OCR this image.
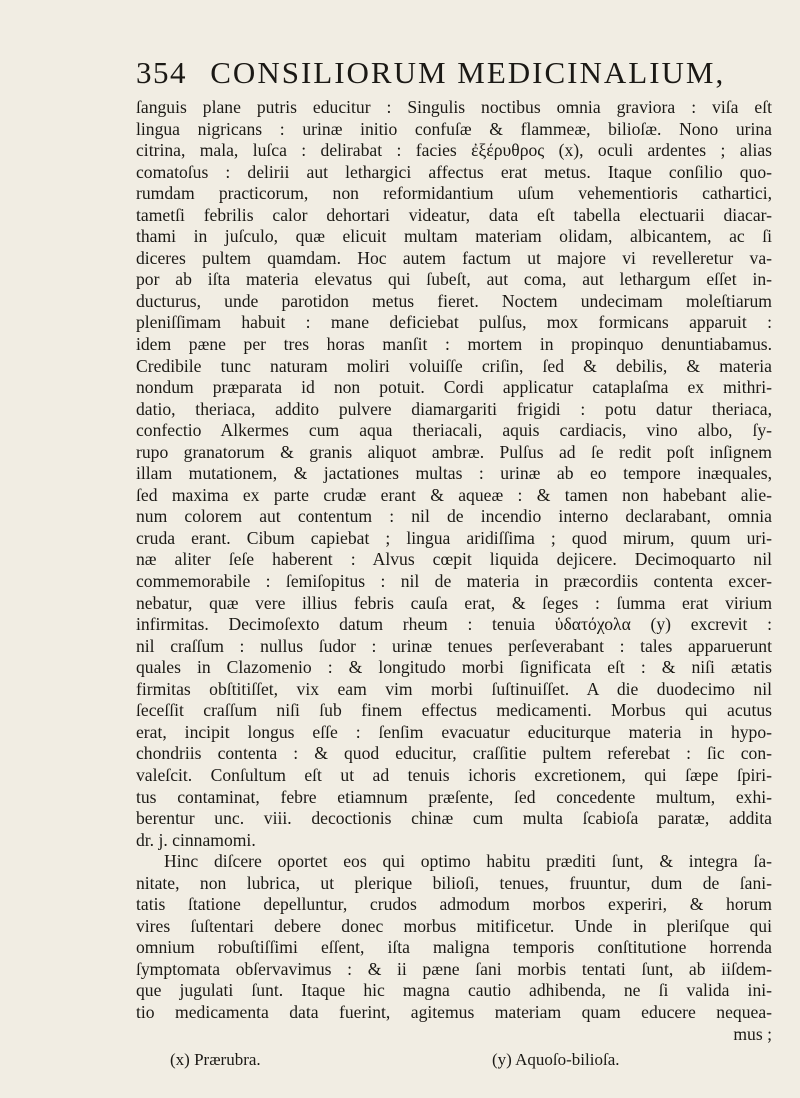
354 CONSILIORUM MEDICINALIUM,
ſanguis plane putris educitur : Singulis noctibus omnia graviora : viſa eſt
lingua nigricans : urinæ initio confuſæ & flammeæ, bilioſæ. Nono urina
citrina, mala, luſca : delirabat : facies ἐξέρυθρος (x), oculi ardentes ; alias
comatoſus : delirii aut lethargici affectus erat metus. Itaque conſilio quo-
rumdam practicorum, non reformidantium uſum vehementioris cathartici,
tametſi febrilis calor dehortari videatur, data eſt tabella electuarii diacar-
thami in juſculo, quæ elicuit multam materiam olidam, albicantem, ac ſi
diceres pultem quamdam. Hoc autem factum ut majore vi revelleretur va-
por ab iſta materia elevatus qui ſubeſt, aut coma, aut lethargum eſſet in-
ducturus, unde parotidon metus fieret. Noctem undecimam moleſtiarum
pleniſſimam habuit : mane deficiebat pulſus, mox formicans apparuit :
idem pæne per tres horas manſit : mortem in propinquo denuntiabamus.
Credibile tunc naturam moliri voluiſſe criſin, ſed & debilis, & materia
nondum præparata id non potuit. Cordi applicatur cataplaſma ex mithri-
datio, theriaca, addito pulvere diamargariti frigidi : potu datur theriaca,
confectio Alkermes cum aqua theriacali, aquis cardiacis, vino albo, ſy-
rupo granatorum & granis aliquot ambræ. Pulſus ad ſe redit poſt inſignem
illam mutationem, & jactationes multas : urinæ ab eo tempore inæquales,
ſed maxima ex parte crudæ erant & aqueæ : & tamen non habebant alie-
num colorem aut contentum : nil de incendio interno declarabant, omnia
cruda erant. Cibum capiebat ; lingua aridiſſima ; quod mirum, quum uri-
næ aliter ſeſe haberent : Alvus cœpit liquida dejicere. Decimoquarto nil
commemorabile : ſemiſopitus : nil de materia in præcordiis contenta excer-
nebatur, quæ vere illius febris cauſa erat, & ſeges : ſumma erat virium
infirmitas. Decimoſexto datum rheum : tenuia ὑδατόχολα (y) excrevit :
nil craſſum : nullus ſudor : urinæ tenues perſeverabant : tales apparuerunt
quales in Clazomenio : & longitudo morbi ſignificata eſt : & niſi ætatis
firmitas obſtitiſſet, vix eam vim morbi ſuſtinuiſſet. A die duodecimo nil
ſeceſſit craſſum niſi ſub finem effectus medicamenti. Morbus qui acutus
erat, incipit longus eſſe : ſenſim evacuatur educiturque materia in hypo-
chondriis contenta : & quod educitur, craſſitie pultem referebat : ſic con-
valeſcit. Conſultum eſt ut ad tenuis ichoris excretionem, qui ſæpe ſpiri-
tus contaminat, febre etiamnum præſente, ſed concedente multum, exhi-
berentur unc. viii. decoctionis chinæ cum multa ſcabioſa paratæ, addita
dr. j. cinnamomi.
Hinc diſcere oportet eos qui optimo habitu præditi ſunt, & integra ſa-
nitate, non lubrica, ut plerique bilioſi, tenues, fruuntur, dum de ſani-
tatis ſtatione depelluntur, crudos admodum morbos experiri, & horum
vires ſuſtentari debere donec morbus mitificetur. Unde in pleriſque qui
omnium robuſtiſſimi eſſent, iſta maligna temporis conſtitutione horrenda
ſymptomata obſervavimus : & ii pæne ſani morbis tentati ſunt, ab iiſdem-
que jugulati ſunt. Itaque hic magna cautio adhibenda, ne ſi valida ini-
tio medicamenta data fuerint, agitemus materiam quam educere nequea-
mus ;
(x) Prærubra.	(y) Aquoſo-bilioſa.
